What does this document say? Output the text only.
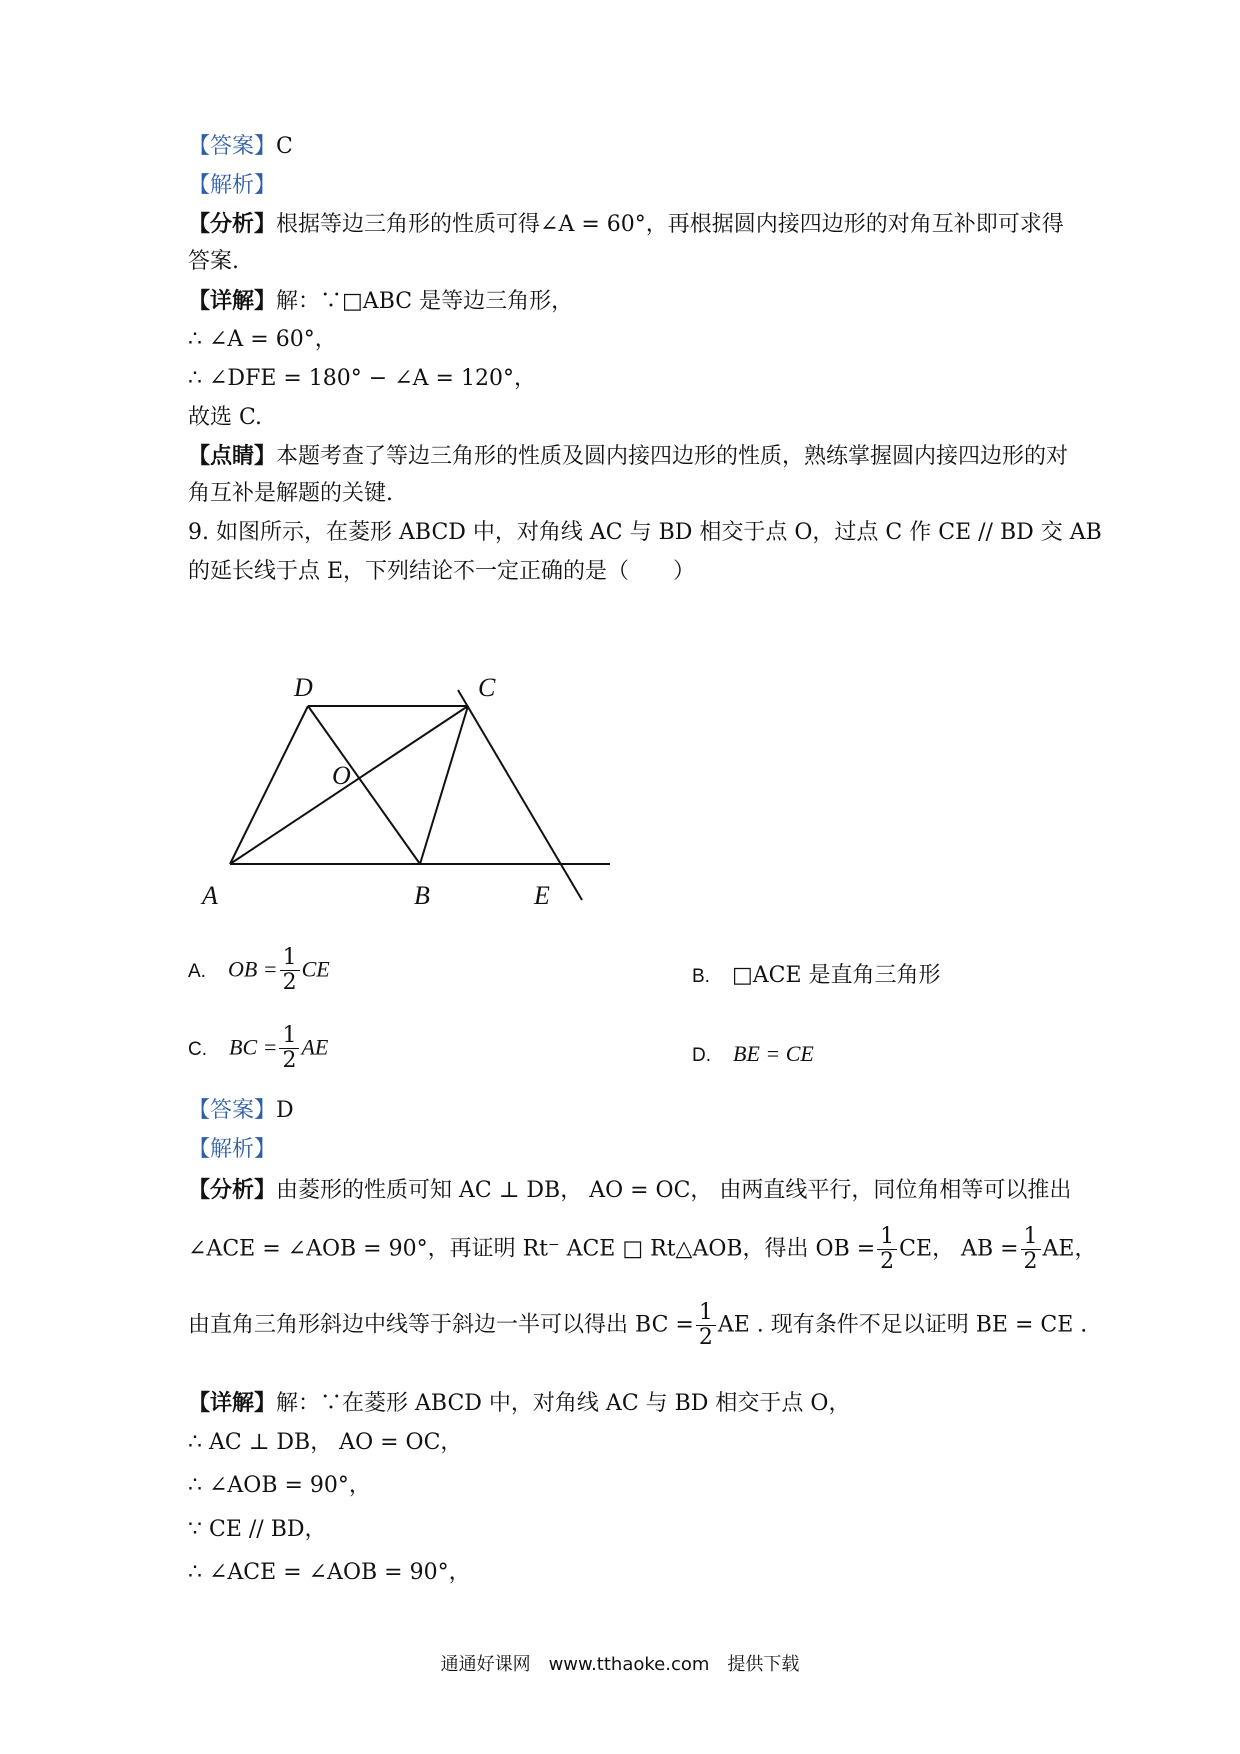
【答案】C
【解析】
【分析】根据等边三角形的性质可得∠A = 60°，再根据圆内接四边形的对角互补即可求得
答案.
【详解】解：∵□ABC 是等边三角形，
∴ ∠A = 60°，
∴ ∠DFE = 180° − ∠A = 120°，
故选 C.
【点睛】本题考查了等边三角形的性质及圆内接四边形的性质，熟练掌握圆内接四边形的对
角互补是解题的关键.
9. 如图所示，在菱形 ABCD 中，对角线 AC 与 BD 相交于点 O，过点 C 作 CE // BD 交 AB
的延长线于点 E，下列结论不一定正确的是（　　）
D	C
O
A	B	E
A. OB = $\frac{1}{2}$ CE	B. □ACE 是直角三角形
C. BC = $\frac{1}{2}$ AE	D. BE = CE
【答案】D
【解析】
【分析】由菱形的性质可知 AC ⊥ DB， AO = OC， 由两直线平行，同位角相等可以推出
∠ACE = ∠AOB = 90°，再证明 Rt⁻ ACE □ Rt△AOB，得出 OB = $\frac{1}{2}$ CE， AB = $\frac{1}{2}$ AE，
由直角三角形斜边中线等于斜边一半可以得出 BC = $\frac{1}{2}$ AE . 现有条件不足以证明 BE = CE .
【详解】解：∵在菱形 ABCD 中，对角线 AC 与 BD 相交于点 O，
∴ AC ⊥ DB， AO = OC，
∴ ∠AOB = 90°，
∵ CE // BD，
∴ ∠ACE = ∠AOB = 90°，
通通好课网　www.tthaoke.com　提供下载
